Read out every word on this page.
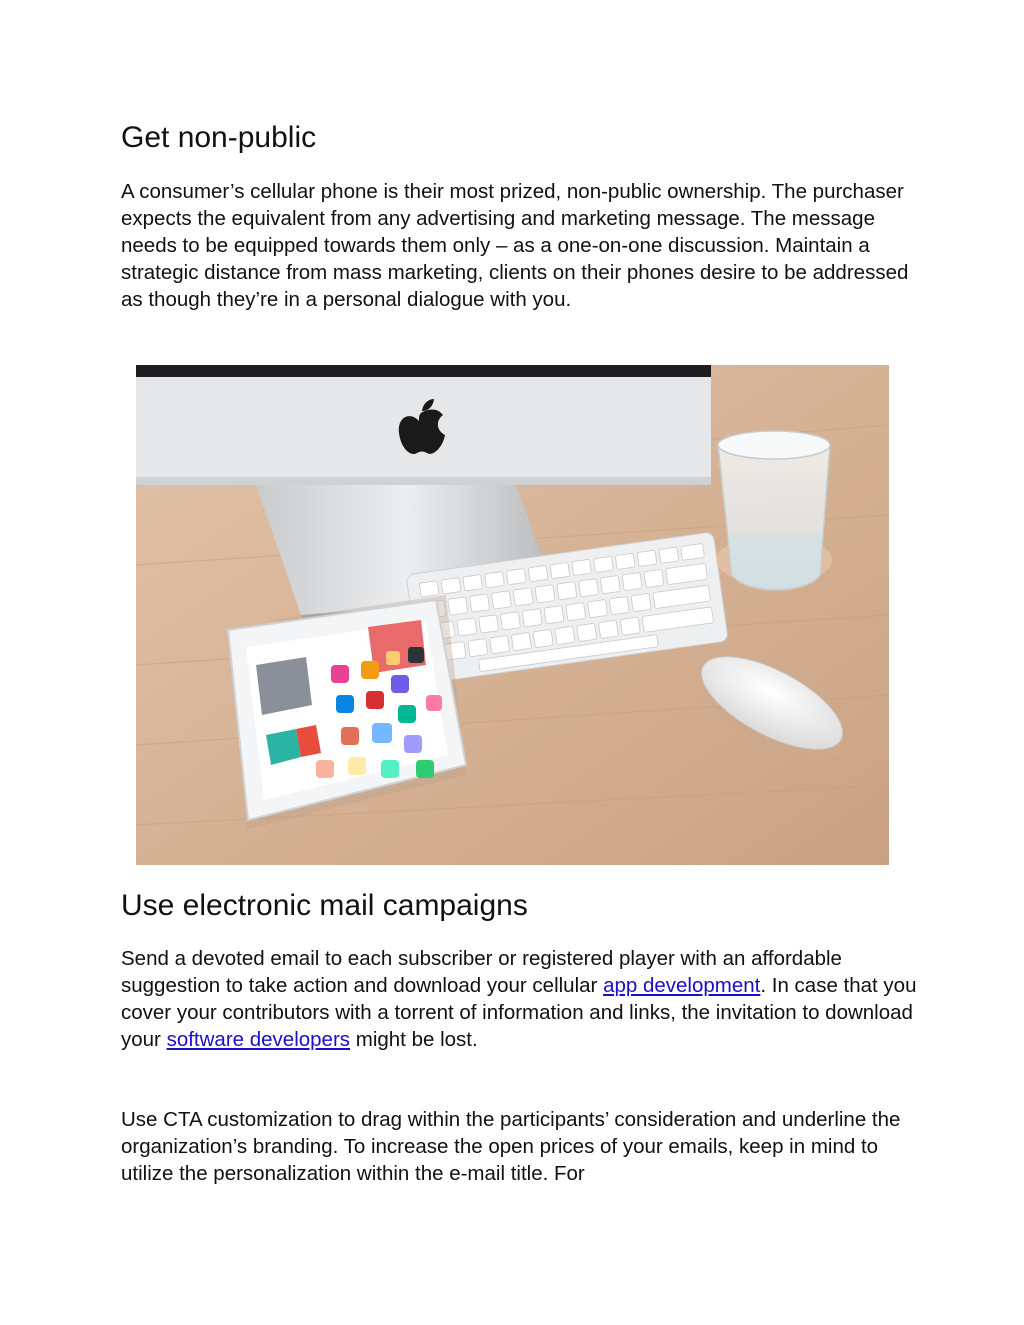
Get non-public

A consumer’s cellular phone is their most prized, non-public ownership. The purchaser expects the equivalent from any advertising and marketing message. The message needs to be equipped towards them only – as a one-on-one discussion. Maintain a strategic distance from mass marketing, clients on their phones desire to be addressed as though they’re in a personal dialogue with you.

Use electronic mail campaigns

Send a devoted email to each subscriber or registered player with an affordable suggestion to take action and download your cellular app development. In case that you cover your contributors with a torrent of information and links, the invitation to download your software developers might be lost.

Use CTA customization to drag within the participants’ consideration and underline the organization’s branding. To increase the open prices of your emails, keep in mind to utilize the personalization within the e-mail title. For
